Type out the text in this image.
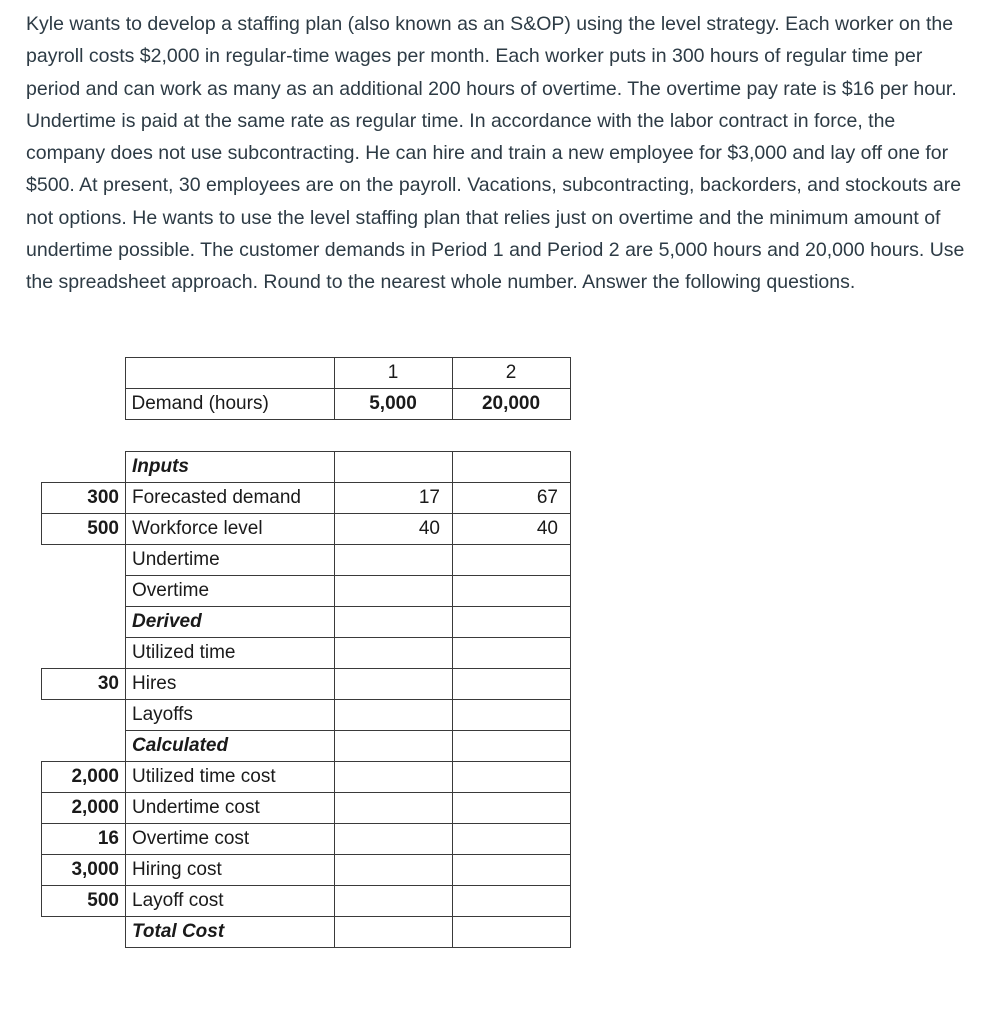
Kyle wants to develop a staffing plan (also known as an S&OP) using the level strategy. Each worker on the payroll costs $2,000 in regular-time wages per month. Each worker puts in 300 hours of regular time per period and can work as many as an additional 200 hours of overtime. The overtime pay rate is $16 per hour. Undertime is paid at the same rate as regular time. In accordance with the labor contract in force, the company does not use subcontracting. He can hire and train a new employee for $3,000 and lay off one for $500. At present, 30 employees are on the payroll. Vacations, subcontracting, backorders, and stockouts are not options. He wants to use the level staffing plan that relies just on overtime and the minimum amount of undertime possible. The customer demands in Period 1 and Period 2 are 5,000 hours and 20,000 hours. Use the spreadsheet approach. Round to the nearest whole number. Answer the following questions.

		1	2
	Demand (hours)	5,000	20,000
	Inputs		
300	Forecasted demand	17	67
500	Workforce level	40	40
	Undertime		
	Overtime		
	Derived		
	Utilized time		
30	Hires		
	Layoffs		
	Calculated		
2,000	Utilized time cost		
2,000	Undertime cost		
16	Overtime cost		
3,000	Hiring cost		
500	Layoff cost		
	Total Cost		
